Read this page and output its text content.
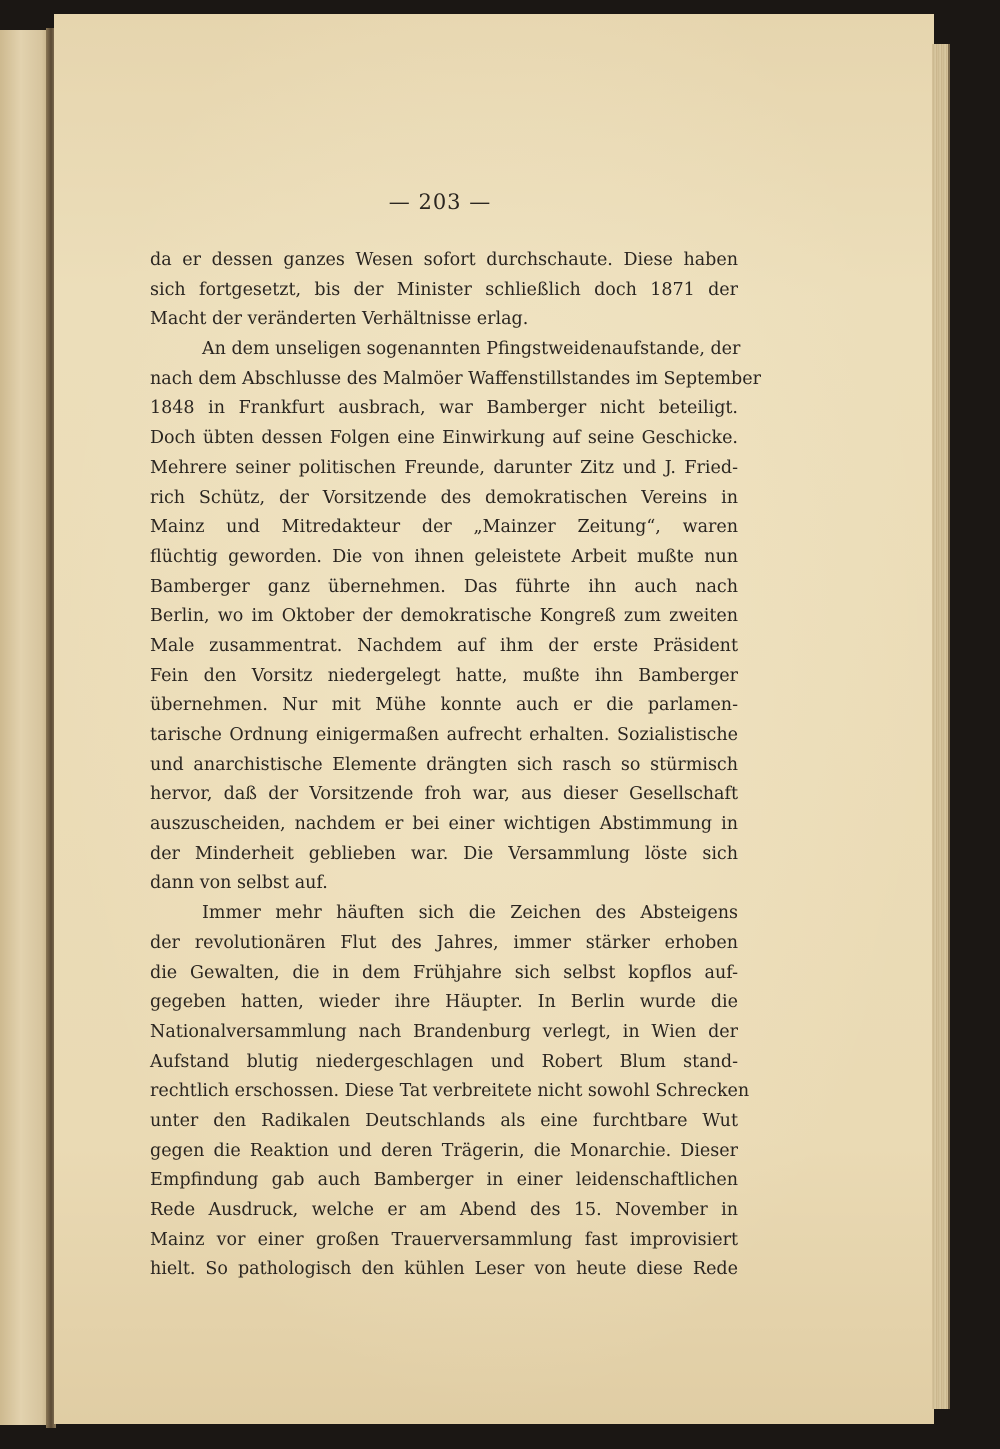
— 203 —
da er dessen ganzes Wesen sofort durchschaute. Diese haben
sich fortgesetzt, bis der Minister schließlich doch 1871 der
Macht der veränderten Verhältnisse erlag.
An dem unseligen sogenannten Pfingstweidenaufstande, der
nach dem Abschlusse des Malmöer Waffenstillstandes im September
1848 in Frankfurt ausbrach, war Bamberger nicht beteiligt.
Doch übten dessen Folgen eine Einwirkung auf seine Geschicke.
Mehrere seiner politischen Freunde, darunter Zitz und J. Fried-
rich Schütz, der Vorsitzende des demokratischen Vereins in
Mainz und Mitredakteur der „Mainzer Zeitung“, waren
flüchtig geworden. Die von ihnen geleistete Arbeit mußte nun
Bamberger ganz übernehmen. Das führte ihn auch nach
Berlin, wo im Oktober der demokratische Kongreß zum zweiten
Male zusammentrat. Nachdem auf ihm der erste Präsident
Fein den Vorsitz niedergelegt hatte, mußte ihn Bamberger
übernehmen. Nur mit Mühe konnte auch er die parlamen-
tarische Ordnung einigermaßen aufrecht erhalten. Sozialistische
und anarchistische Elemente drängten sich rasch so stürmisch
hervor, daß der Vorsitzende froh war, aus dieser Gesellschaft
auszuscheiden, nachdem er bei einer wichtigen Abstimmung in
der Minderheit geblieben war. Die Versammlung löste sich
dann von selbst auf.
Immer mehr häuften sich die Zeichen des Absteigens
der revolutionären Flut des Jahres, immer stärker erhoben
die Gewalten, die in dem Frühjahre sich selbst kopflos auf-
gegeben hatten, wieder ihre Häupter. In Berlin wurde die
Nationalversammlung nach Brandenburg verlegt, in Wien der
Aufstand blutig niedergeschlagen und Robert Blum stand-
rechtlich erschossen. Diese Tat verbreitete nicht sowohl Schrecken
unter den Radikalen Deutschlands als eine furchtbare Wut
gegen die Reaktion und deren Trägerin, die Monarchie. Dieser
Empfindung gab auch Bamberger in einer leidenschaftlichen
Rede Ausdruck, welche er am Abend des 15. November in
Mainz vor einer großen Trauerversammlung fast improvisiert
hielt. So pathologisch den kühlen Leser von heute diese Rede
